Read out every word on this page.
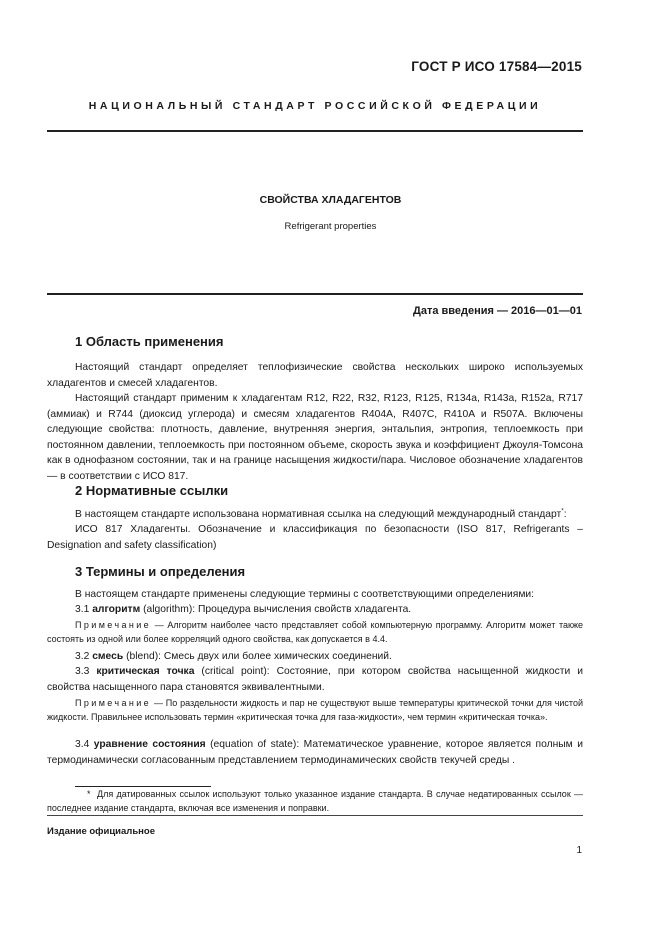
ГОСТ Р ИСО 17584—2015
НАЦИОНАЛЬНЫЙ СТАНДАРТ РОССИЙСКОЙ ФЕДЕРАЦИИ
СВОЙСТВА ХЛАДАГЕНТОВ
Refrigerant properties
Дата введения — 2016—01—01
1 Область применения

Настоящий стандарт определяет теплофизические свойства нескольких широко используемых хладагентов и смесей хладагентов.

Настоящий стандарт применим к хладагентам R12, R22, R32, R123, R125, R134a, R143a, R152a, R717 (аммиак) и R744 (диоксид углерода) и смесям хладагентов R404A, R407C, R410A и R507A. Включены следующие свойства: плотность, давление, внутренняя энергия, энтальпия, энтропия, теплоемкость при постоянном давлении, теплоемкость при постоянном объеме, скорость звука и коэффициент Джоуля-Томсона как в однофазном состоянии, так и на границе насыщения жидкости/пара. Числовое обозначение хладагентов — в соответствии с ИСО 817.

2 Нормативные ссылки

В настоящем стандарте использована нормативная ссылка на следующий международный стандарт*:

ИСО 817 Хладагенты. Обозначение и классификация по безопасности (ISO 817, Refrigerants – Designation and safety classification)

3 Термины и определения

В настоящем стандарте применены следующие термины с соответствующими определениями:

3.1 алгоритм (algorithm): Процедура вычисления свойств хладагента.

Примечание — Алгоритм наиболее часто представляет собой компьютерную программу. Алгоритм может также состоять из одной или более корреляций одного свойства, как допускается в 4.4.

3.2 смесь (blend): Смесь двух или более химических соединений.

3.3 критическая точка (critical point): Состояние, при котором свойства насыщенной жидкости и свойства насыщенного пара становятся эквивалентными.

Примечание — По раздельности жидкость и пар не существуют выше температуры критической точки для чистой жидкости. Правильнее использовать термин «критическая точка для газа-жидкости», чем термин «критическая точка».

3.4 уравнение состояния (equation of state): Математическое уравнение, которое является полным и термодинамически согласованным представлением термодинамических свойств текучей среды .

* Для датированных ссылок используют только указанное издание стандарта. В случае недатированных ссылок — последнее издание стандарта, включая все изменения и поправки.

Издание официальное
1
